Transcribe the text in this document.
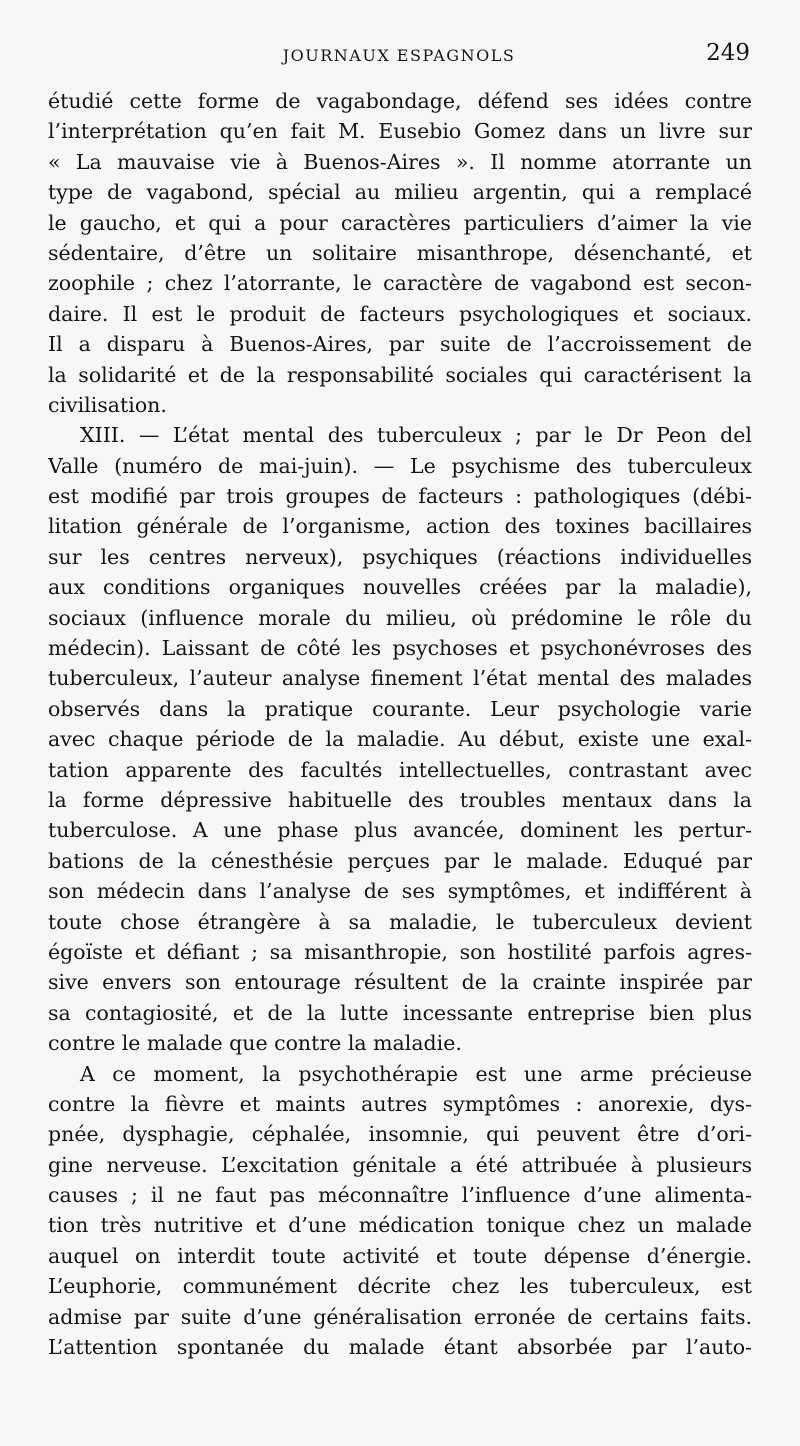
JOURNAUX ESPAGNOLS	249
étudié cette forme de vagabondage, défend ses idées contre
l’interprétation qu’en fait M. Eusebio Gomez dans un livre sur
« La mauvaise vie à Buenos-Aires ». Il nomme atorrante un
type de vagabond, spécial au milieu argentin, qui a remplacé
le gaucho, et qui a pour caractères particuliers d’aimer la vie
sédentaire, d’être un solitaire misanthrope, désenchanté, et
zoophile ; chez l’atorrante, le caractère de vagabond est secon-
daire. Il est le produit de facteurs psychologiques et sociaux.
Il a disparu à Buenos-Aires, par suite de l’accroissement de
la solidarité et de la responsabilité sociales qui caractérisent la
civilisation.
XIII. — L’état mental des tuberculeux ; par le Dr Peon del
Valle (numéro de mai-juin). — Le psychisme des tuberculeux
est modifié par trois groupes de facteurs : pathologiques (débi-
litation générale de l’organisme, action des toxines bacillaires
sur les centres nerveux), psychiques (réactions individuelles
aux conditions organiques nouvelles créées par la maladie),
sociaux (influence morale du milieu, où prédomine le rôle du
médecin). Laissant de côté les psychoses et psychonévroses des
tuberculeux, l’auteur analyse finement l’état mental des malades
observés dans la pratique courante. Leur psychologie varie
avec chaque période de la maladie. Au début, existe une exal-
tation apparente des facultés intellectuelles, contrastant avec
la forme dépressive habituelle des troubles mentaux dans la
tuberculose. A une phase plus avancée, dominent les pertur-
bations de la cénesthésie perçues par le malade. Eduqué par
son médecin dans l’analyse de ses symptômes, et indifférent à
toute chose étrangère à sa maladie, le tuberculeux devient
égoïste et défiant ; sa misanthropie, son hostilité parfois agres-
sive envers son entourage résultent de la crainte inspirée par
sa contagiosité, et de la lutte incessante entreprise bien plus
contre le malade que contre la maladie.
A ce moment, la psychothérapie est une arme précieuse
contre la fièvre et maints autres symptômes : anorexie, dys-
pnée, dysphagie, céphalée, insomnie, qui peuvent être d’ori-
gine nerveuse. L’excitation génitale a été attribuée à plusieurs
causes ; il ne faut pas méconnaître l’influence d’une alimenta-
tion très nutritive et d’une médication tonique chez un malade
auquel on interdit toute activité et toute dépense d’énergie.
L’euphorie, communément décrite chez les tuberculeux, est
admise par suite d’une généralisation erronée de certains faits.
L’attention spontanée du malade étant absorbée par l’auto-
